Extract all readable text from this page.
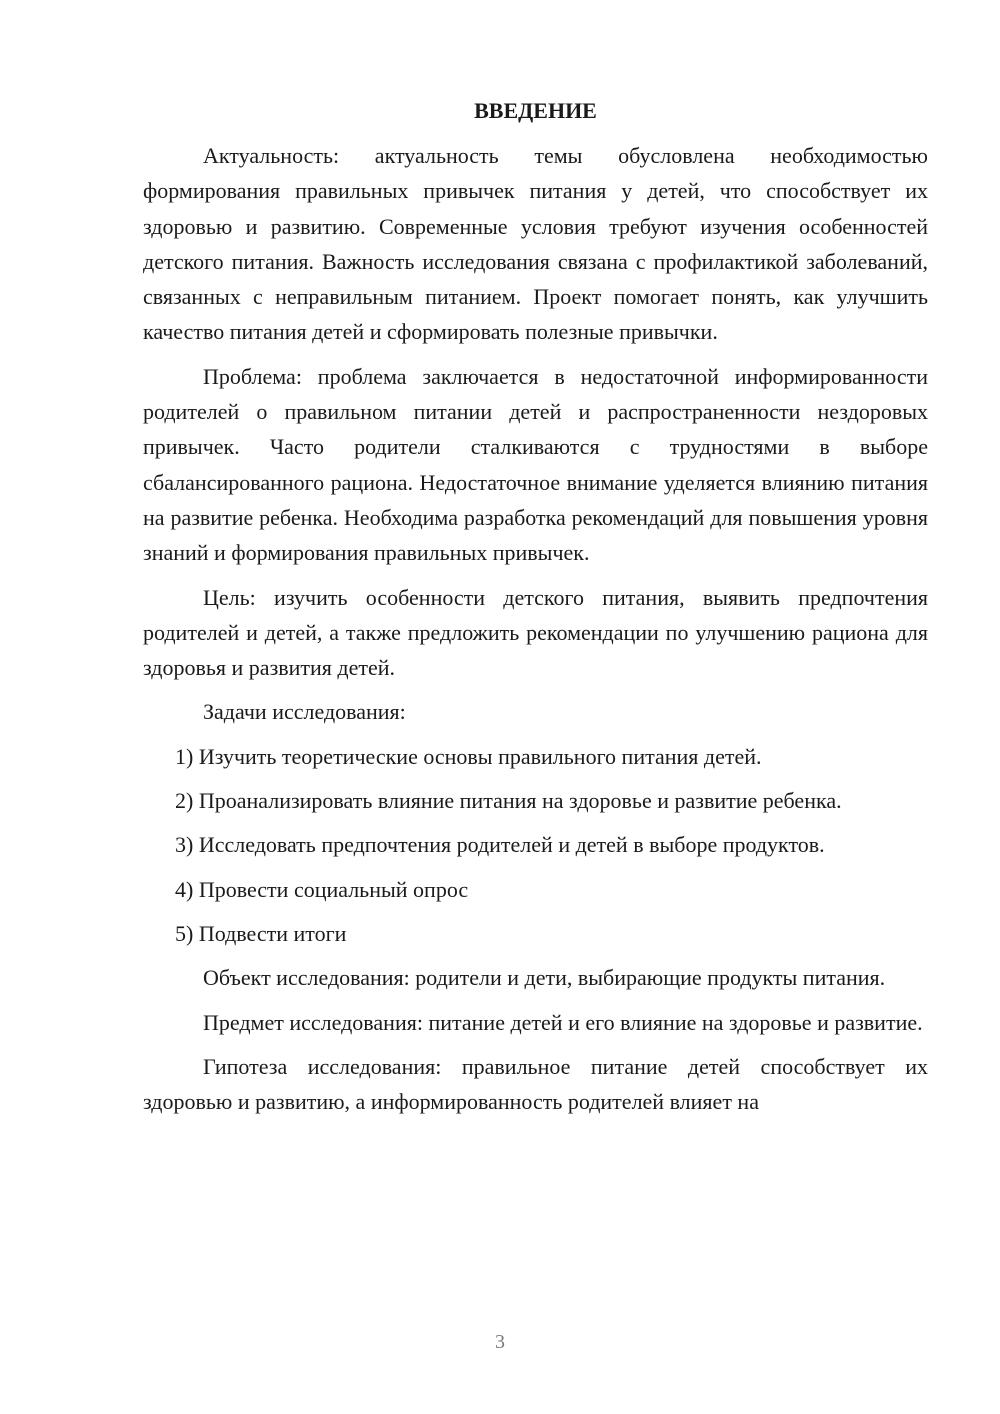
ВВЕДЕНИЕ

Актуальность: актуальность темы обусловлена необходимостью формирования правильных привычек питания у детей, что способствует их здоровью и развитию. Современные условия требуют изучения особенностей детского питания. Важность исследования связана с профилактикой заболеваний, связанных с неправильным питанием. Проект помогает понять, как улучшить качество питания детей и сформировать полезные привычки.

Проблема: проблема заключается в недостаточной информированности родителей о правильном питании детей и распространенности нездоровых привычек. Часто родители сталкиваются с трудностями в выборе сбалансированного рациона. Недостаточное внимание уделяется влиянию питания на развитие ребенка. Необходима разработка рекомендаций для повышения уровня знаний и формирования правильных привычек.

Цель: изучить особенности детского питания, выявить предпочтения родителей и детей, а также предложить рекомендации по улучшению рациона для здоровья и развития детей.

Задачи исследования:

1) Изучить теоретические основы правильного питания детей.

2) Проанализировать влияние питания на здоровье и развитие ребенка.

3) Исследовать предпочтения родителей и детей в выборе продуктов.

4) Провести социальный опрос

5) Подвести итоги

Объект исследования: родители и дети, выбирающие продукты питания.

Предмет исследования: питание детей и его влияние на здоровье и развитие.

Гипотеза исследования: правильное питание детей способствует их здоровью и развитию, а информированность родителей влияет на

3
